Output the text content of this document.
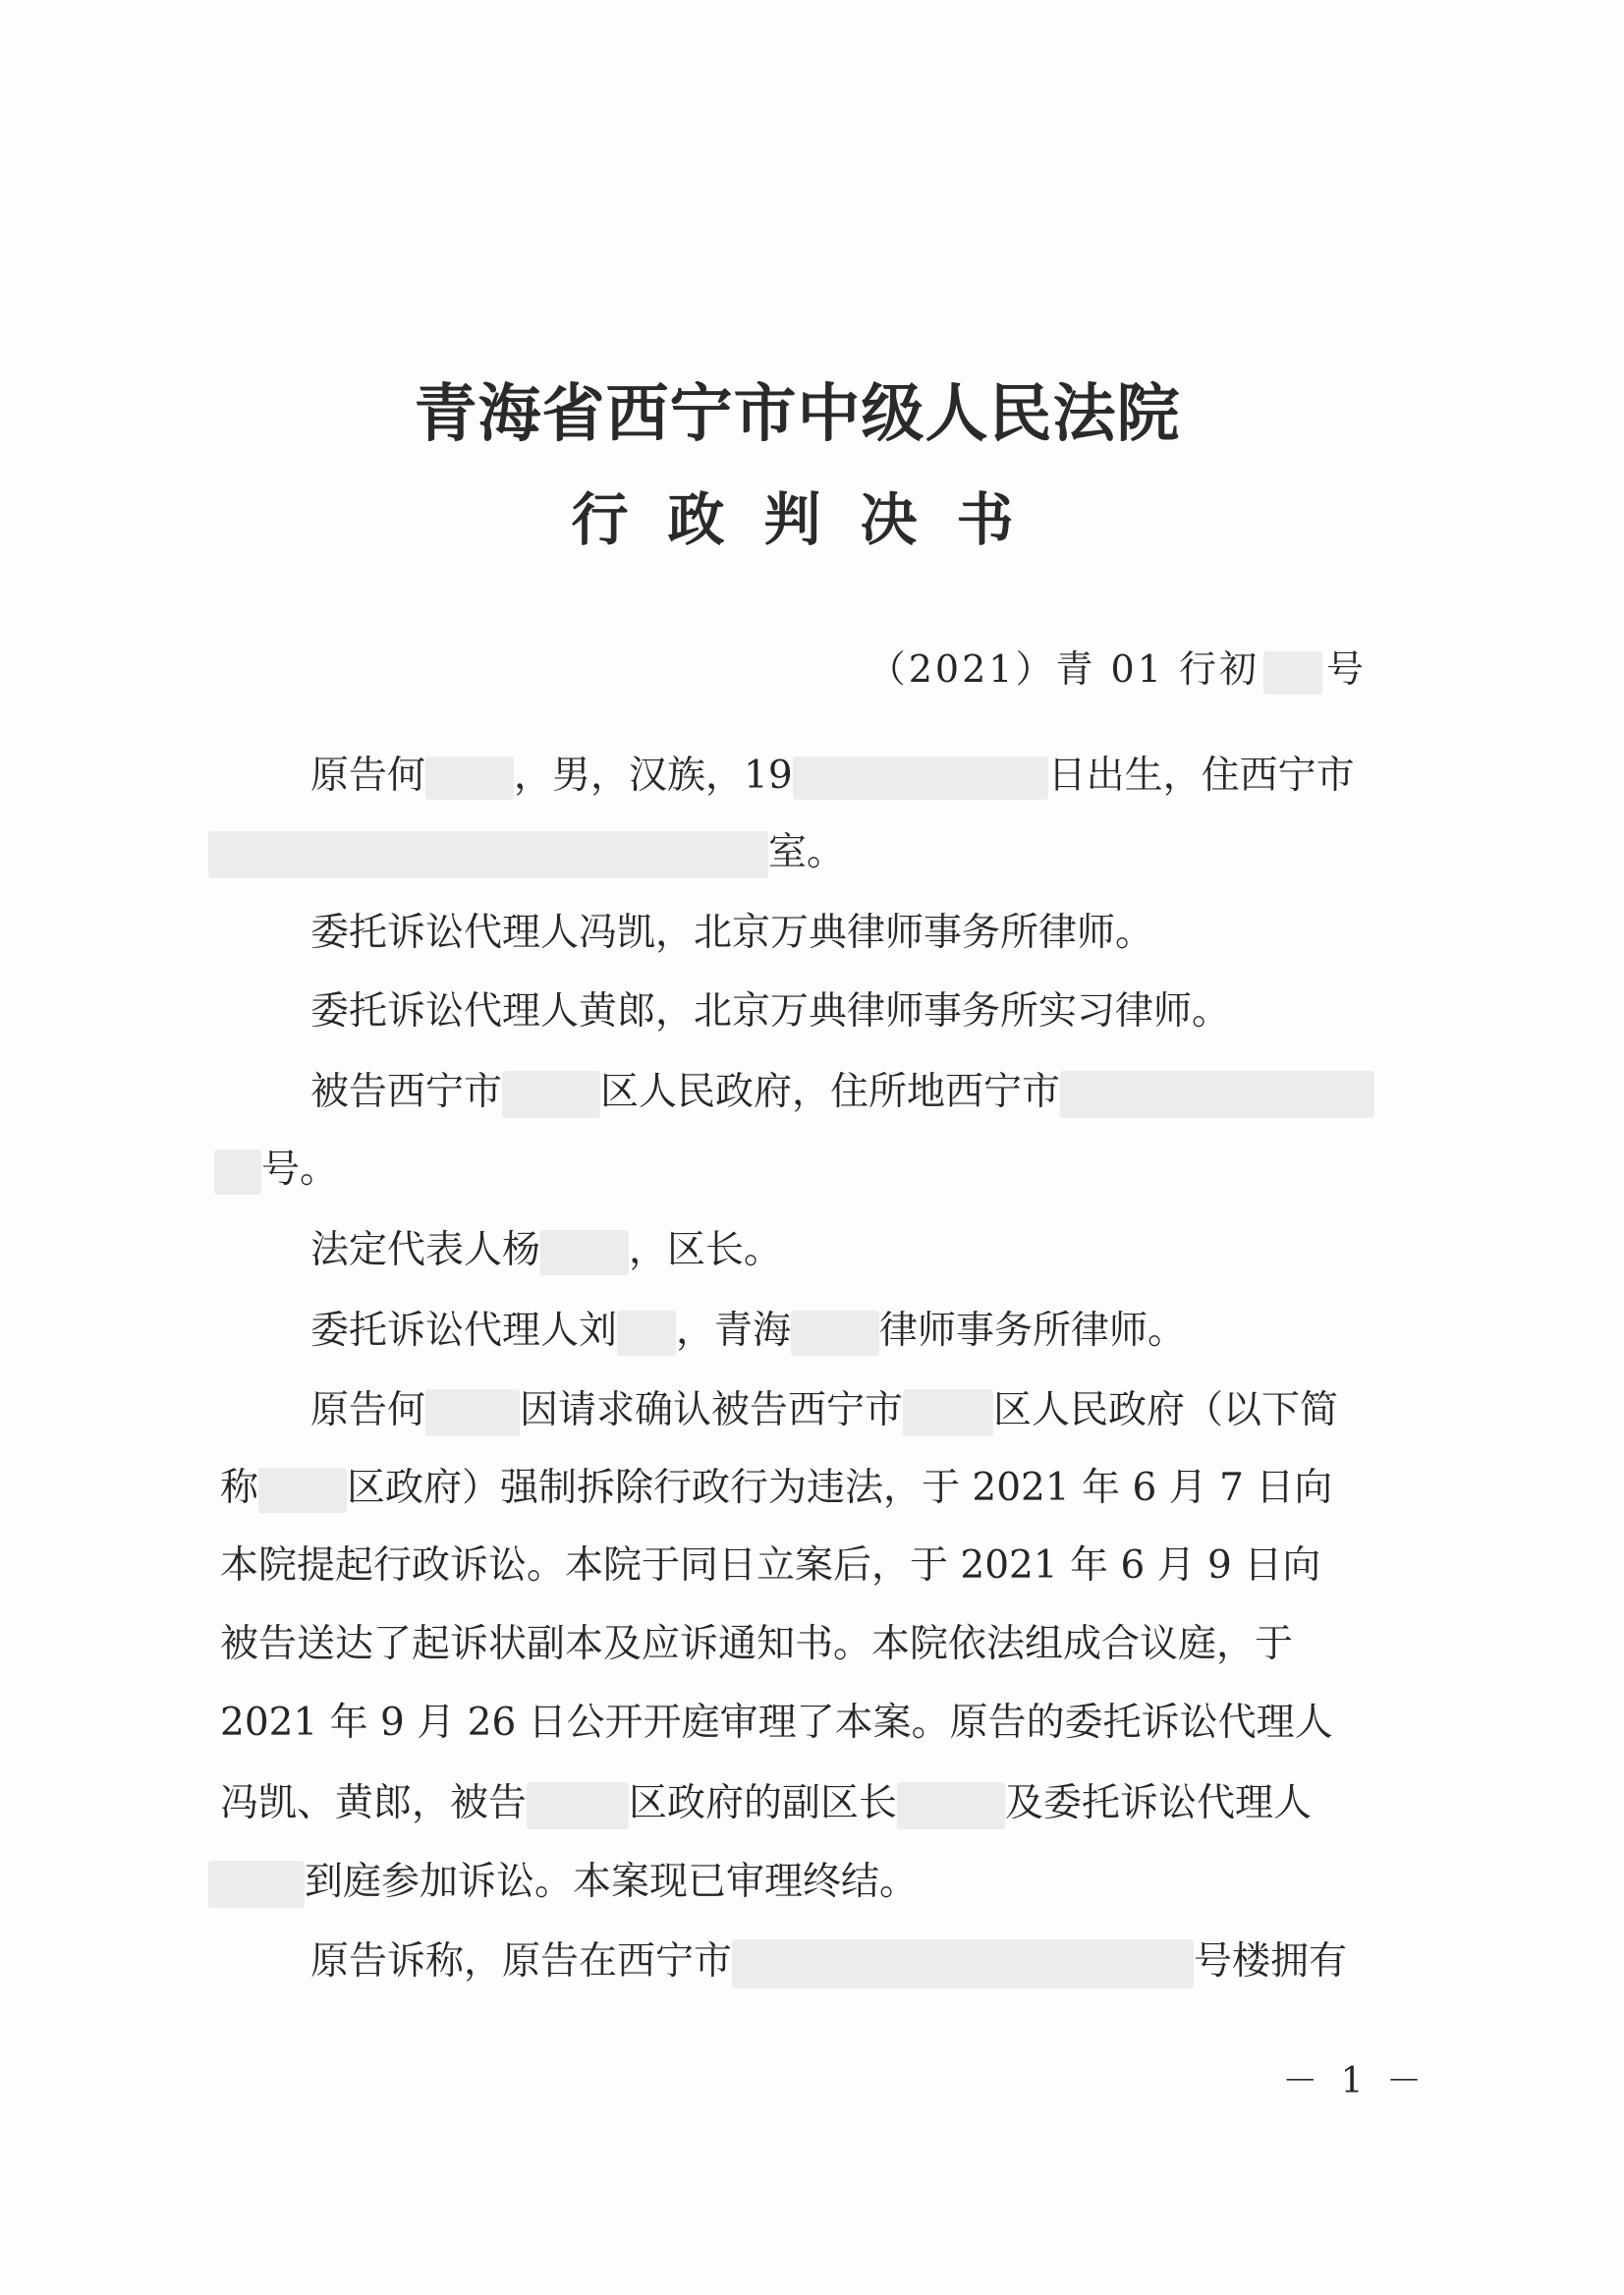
青海省西宁市中级人民法院
行政判决书
（2021）青 01 行初 号
原告何 ，男，汉族，19	日出生，住西宁市
室。
委托诉讼代理人冯凯，北京万典律师事务所律师。
委托诉讼代理人黄郎，北京万典律师事务所实习律师。
被告西宁市	区人民政府，住所地西宁市
号。
法定代表人杨 ，区长。
委托诉讼代理人刘 ，青海 律师事务所律师。
原告何 因请求确认被告西宁市 区人民政府（以下简
称 区政府）强制拆除行政行为违法，于 2021 年 6 月 7 日向
本院提起行政诉讼。本院于同日立案后，于 2021 年 6 月 9 日向
被告送达了起诉状副本及应诉通知书。本院依法组成合议庭，于
2021 年 9 月 26 日公开开庭审理了本案。原告的委托诉讼代理人
冯凯、黄郎，被告	区政府的副区长	及委托诉讼代理人
到庭参加诉讼。本案现已审理终结。
原告诉称，原告在西宁市	号楼拥有
－ 1 －
